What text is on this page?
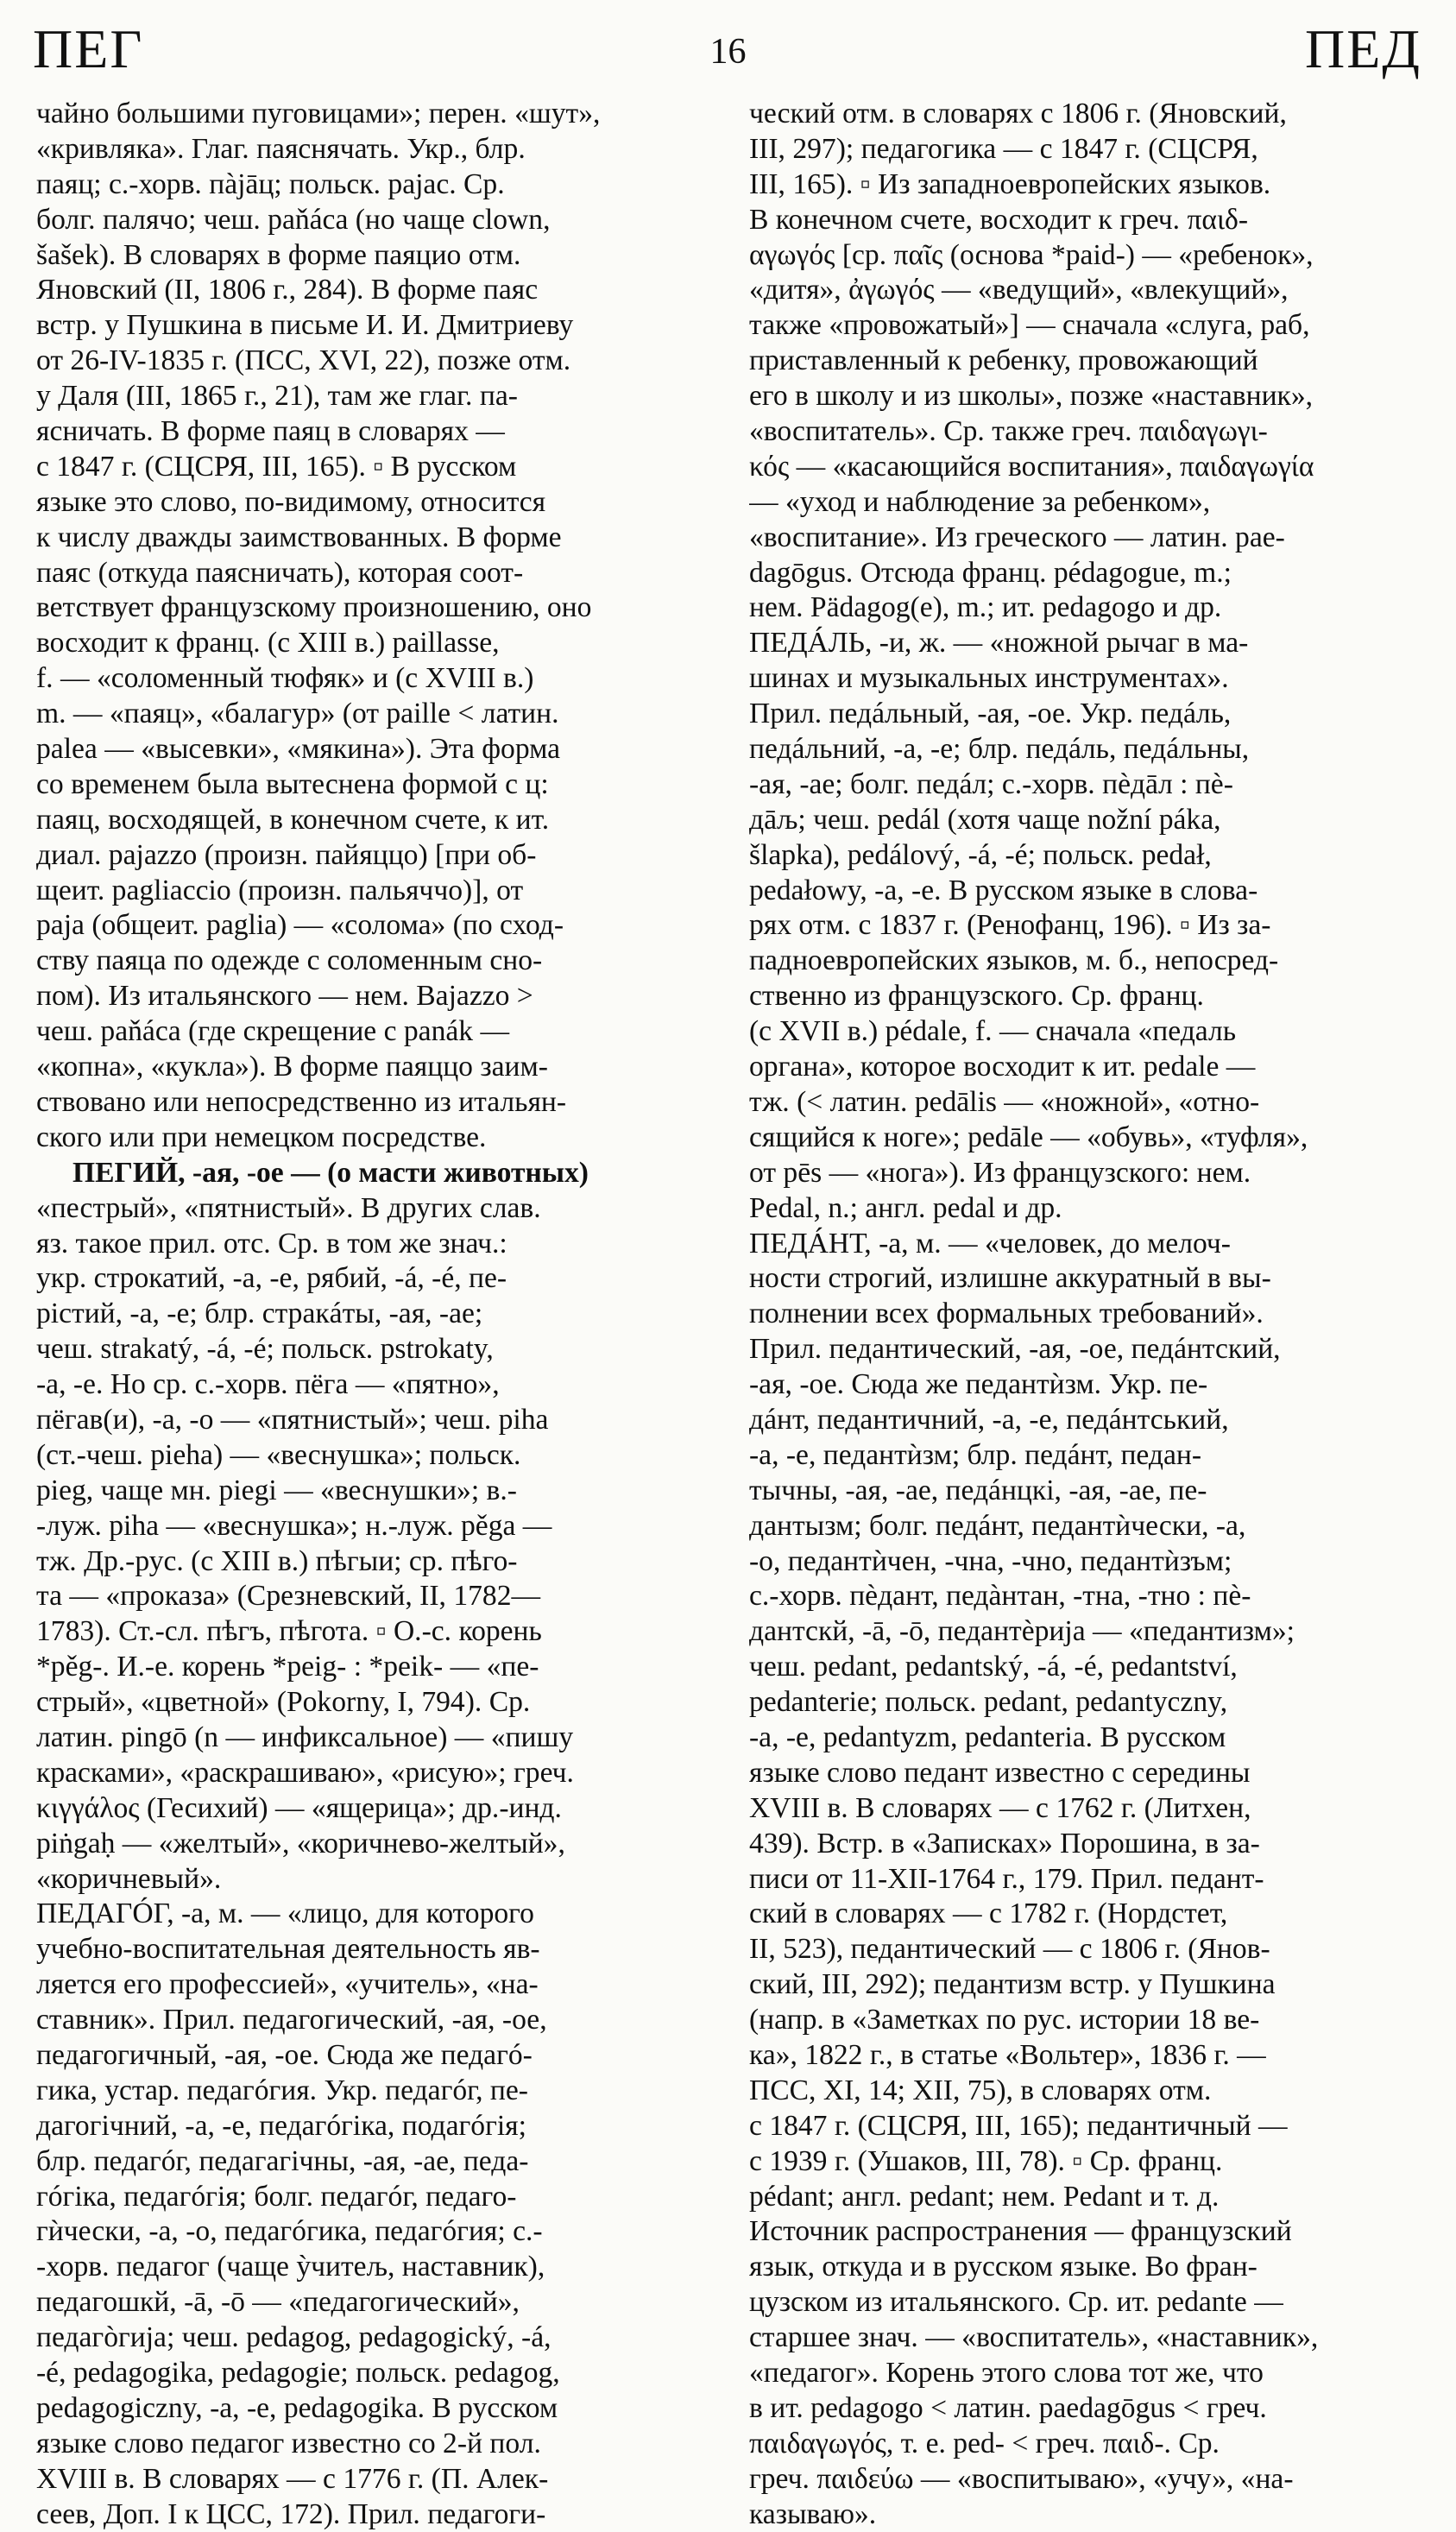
ПЕГ	16	ПЕД
чайно большими пуговицами»; перен. «шут»,
«кривляка». Глаг. паяснячать. Укр., блр.
паяц; с.-хорв. пàјāц; польск. pajac. Ср.
болг. палячо; чеш. paňáca (но чаще clown,
šašek). В словарях в форме паяцио отм.
Яновский (II, 1806 г., 284). В форме паяс
встр. у Пушкина в письме И. И. Дмитриеву
от 26-IV-1835 г. (ПСС, XVI, 22), позже отм.
у Даля (III, 1865 г., 21), там же глаг. па-
ясничать. В форме паяц в словарях —
с 1847 г. (СЦСРЯ, III, 165). ▫ В русском
языке это слово, по-видимому, относится
к числу дважды заимствованных. В форме
паяс (откуда паясничать), которая соот-
ветствует французскому произношению, оно
восходит к франц. (с XIII в.) paillasse,
f. — «соломенный тюфяк» и (с XVIII в.)
m. — «паяц», «балагур» (от paille < латин.
palea — «высевки», «мякина»). Эта форма
со временем была вытеснена формой с ц:
паяц, восходящей, в конечном счете, к ит.
диал. pajazzo (произн. пайяццо) [при об-
щеит. pagliaccio (произн. пальяччо)], от
paja (общеит. paglia) — «солома» (по сход-
ству паяца по одежде с соломенным сно-
пом). Из итальянского — нем. Bajazzo >
чеш. paňáca (где скрещение с panák —
«копна», «кукла»). В форме паяццо заим-
ствовано или непосредственно из итальян-
ского или при немецком посредстве.
ПЕГИЙ, -ая, -ое — (о масти животных)
«пестрый», «пятнистый». В других слав.
яз. такое прил. отс. Ср. в том же знач.:
укр. строкатий, -а, -е, рябий, -á, -é, пе-
рістий, -а, -е; блр. стракáты, -ая, -ае;
чеш. strakatý, -á, -é; польск. pstrokaty,
-a, -e. Но ср. с.-хорв. пёга — «пятно»,
пёгав(и), -а, -о — «пятнистый»; чеш. piha
(ст.-чеш. pieha) — «веснушка»; польск.
pieg, чаще мн. piegi — «веснушки»; в.-
-луж. piha — «веснушка»; н.-луж. pěga —
тж. Др.-рус. (с XIII в.) пѣгыи; ср. пѣго-
та — «проказа» (Срезневский, II, 1782—
1783). Ст.-сл. пѣгъ, пѣгота. ▫ О.-с. корень
*pěg-. И.-е. корень *peig- : *peik- — «пе-
стрый», «цветной» (Pokorny, I, 794). Ср.
латин. pingō (n — инфиксальное) — «пишу
красками», «раскрашиваю», «рисую»; греч.
κιγγάλος (Гесихий) — «ящерица»; др.-инд.
piṅgaḥ — «желтый», «коричнево-желтый»,
«коричневый».
ПЕДАГÓГ, -а, м. — «лицо, для которого
учебно-воспитательная деятельность яв-
ляется его профессией», «учитель», «на-
ставник». Прил. педагогический, -ая, -ое,
педагогичный, -ая, -ое. Сюда же педагó-
гика, устар. педагóгия. Укр. педагóг, пе-
дагогічний, -а, -е, педагóгіка, подагóгія;
блр. педагóг, педагагічны, -ая, -ае, педа-
гóгіка, педагóгія; болг. педагóг, педаго-
гѝчески, -а, -о, педагóгика, педагóгия; с.-
-хорв. педагог (чаще ỳчитељ, наставник),
педагошкй, -ā, -ō — «педагогический»,
педагòгија; чеш. pedagog, pedagogický, -á,
-é, pedagogika, pedagogie; польск. pedagog,
pedagogiczny, -a, -e, pedagogika. В русском
языке слово педагог известно со 2-й пол.
XVIII в. В словарях — с 1776 г. (П. Алек-
сеев, Доп. I к ЦСС, 172). Прил. педагоги-
ческий отм. в словарях с 1806 г. (Яновский,
III, 297); педагогика — с 1847 г. (СЦСРЯ,
III, 165). ▫ Из западноевропейских языков.
В конечном счете, восходит к греч. παιδ-
αγωγός [ср. παῖς (основа *paid-) — «ребенок»,
«дитя», ἀγωγός — «ведущий», «влекущий»,
также «провожатый»] — сначала «слуга, раб,
приставленный к ребенку, провожающий
его в школу и из школы», позже «наставник»,
«воспитатель». Ср. также греч. παιδαγωγι-
κός — «касающийся воспитания», παιδαγωγία
— «уход и наблюдение за ребенком»,
«воспитание». Из греческого — латин. pae-
dagōgus. Отсюда франц. pédagogue, m.;
нем. Pädagog(e), m.; ит. pedagogo и др.
ПЕДÁЛЬ, -и, ж. — «ножной рычаг в ма-
шинах и музыкальных инструментах».
Прил. педáльный, -ая, -ое. Укр. педáль,
педáльний, -а, -е; блр. педáль, педáльны,
-ая, -ае; болг. педáл; с.-хорв. пèдāл : пè-
дāљ; чеш. pedál (хотя чаще nožní páka,
šlapka), pedálový, -á, -é; польск. pedał,
pedałowy, -a, -e. В русском языке в слова-
рях отм. с 1837 г. (Ренофанц, 196). ▫ Из за-
падноевропейских языков, м. б., непосред-
ственно из французского. Ср. франц.
(с XVII в.) pédale, f. — сначала «педаль
органа», которое восходит к ит. pedale —
тж. (< латин. pedālis — «ножной», «отно-
сящийся к ноге»; pedāle — «обувь», «туфля»,
от pēs — «нога»). Из французского: нем.
Pedal, n.; англ. pedal и др.
ПЕДÁНТ, -а, м. — «человек, до мелоч-
ности строгий, излишне аккуратный в вы-
полнении всех формальных требований».
Прил. педантический, -ая, -ое, педáнтский,
-ая, -ое. Сюда же педантѝзм. Укр. пе-
дáнт, педантичний, -а, -е, педáнтський,
-а, -е, педантѝзм; блр. педáнт, педан-
тычны, -ая, -ае, педáнцкі, -ая, -ае, пе-
дантызм; болг. педáнт, педантѝчески, -а,
-о, педантѝчен, -чна, -чно, педантѝзъм;
с.-хорв. пèдант, педàнтан, -тна, -тно : пè-
дантскй, -ā, -ō, педантèрија — «педантизм»;
чеш. pedant, pedantský, -á, -é, pedantství,
pedanterie; польск. pedant, pedantyczny,
-a, -e, pedantyzm, pedanteria. В русском
языке слово педант известно с середины
XVIII в. В словарях — с 1762 г. (Литхен,
439). Встр. в «Записках» Порошина, в за-
писи от 11-XII-1764 г., 179. Прил. педант-
ский в словарях — с 1782 г. (Нордстет,
II, 523), педантический — с 1806 г. (Янов-
ский, III, 292); педантизм встр. у Пушкина
(напр. в «Заметках по рус. истории 18 ве-
ка», 1822 г., в статье «Вольтер», 1836 г. —
ПСС, XI, 14; XII, 75), в словарях отм.
с 1847 г. (СЦСРЯ, III, 165); педантичный —
с 1939 г. (Ушаков, III, 78). ▫ Ср. франц.
pédant; англ. pedant; нем. Pedant и т. д.
Источник распространения — французский
язык, откуда и в русском языке. Во фран-
цузском из итальянского. Ср. ит. pedante —
старшее знач. — «воспитатель», «наставник»,
«педагог». Корень этого слова тот же, что
в ит. pedagogo < латин. paedagōgus < греч.
παιδαγωγός, т. е. ped- < греч. παιδ-. Ср.
греч. παιδεύω — «воспитываю», «учу», «на-
казываю».
